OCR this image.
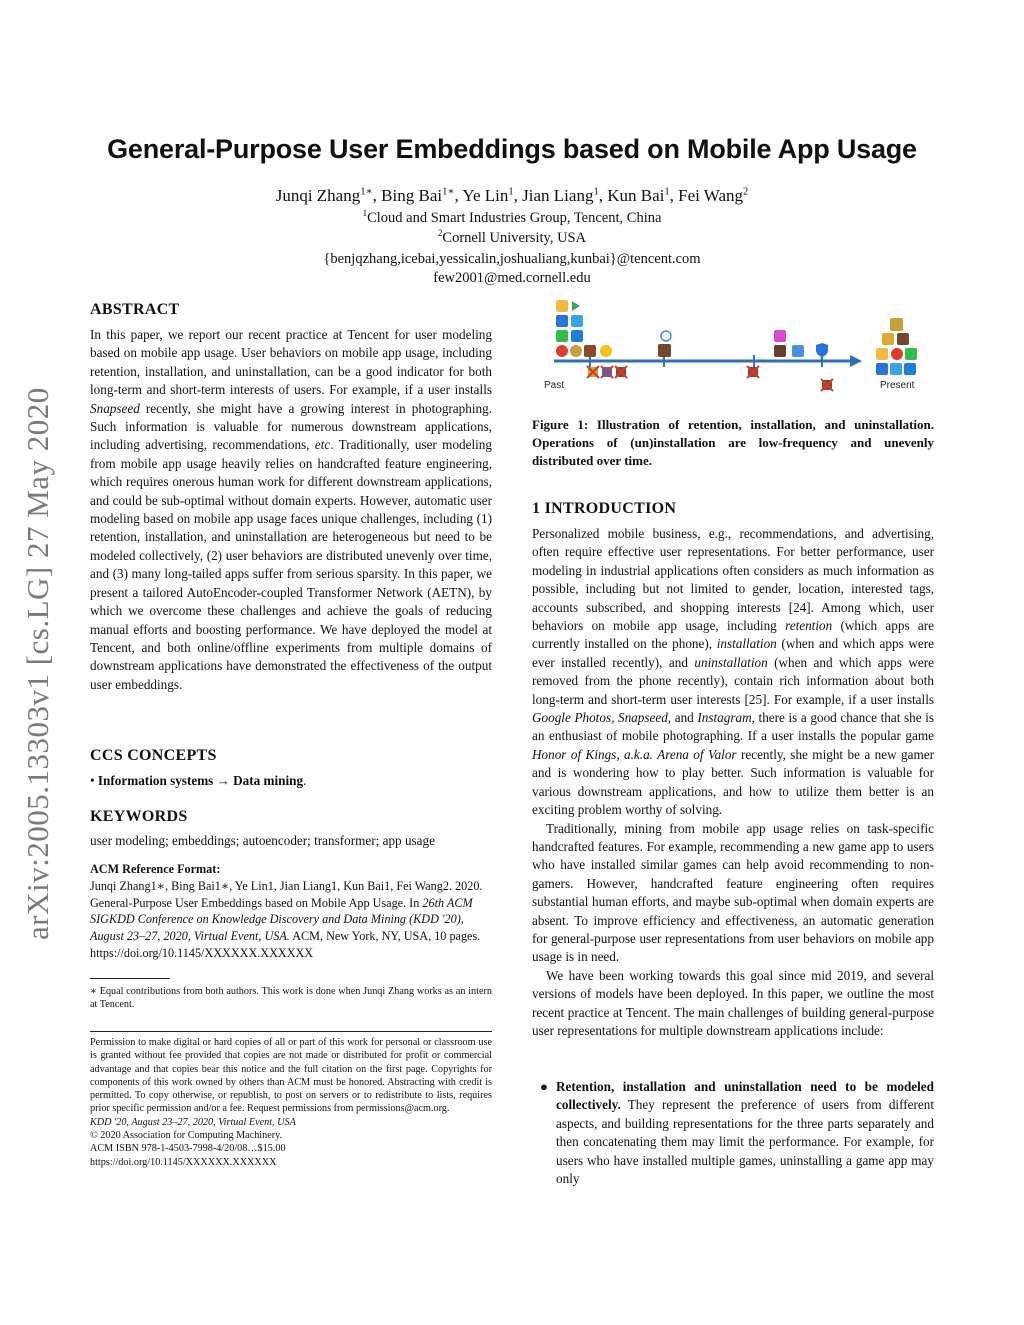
arXiv:2005.13303v1 [cs.LG] 27 May 2020
General-Purpose User Embeddings based on Mobile App Usage
Junqi Zhang$^{1∗}$, Bing Bai$^{1∗}$, Ye Lin$^1$, Jian Liang$^1$, Kun Bai$^1$, Fei Wang$^2$
$^1$Cloud and Smart Industries Group, Tencent, China
$^2$Cornell University, USA
{benjqzhang,icebai,yessicalin,joshualiang,kunbai}@tencent.com
few2001@med.cornell.edu
ABSTRACT

In this paper, we report our recent practice at Tencent for user modeling based on mobile app usage. User behaviors on mobile app usage, including retention, installation, and uninstallation, can be a good indicator for both long-term and short-term interests of users. For example, if a user installs Snapseed recently, she might have a growing interest in photographing. Such information is valuable for numerous downstream applications, including advertising, recommendations, etc. Traditionally, user modeling from mobile app usage heavily relies on handcrafted feature engineering, which requires onerous human work for different downstream applications, and could be sub-optimal without domain experts. However, automatic user modeling based on mobile app usage faces unique challenges, including (1) retention, installation, and uninstallation are heterogeneous but need to be modeled collectively, (2) user behaviors are distributed unevenly over time, and (3) many long-tailed apps suffer from serious sparsity. In this paper, we present a tailored AutoEncoder-coupled Transformer Network (AETN), by which we overcome these challenges and achieve the goals of reducing manual efforts and boosting performance. We have deployed the model at Tencent, and both online/offline experiments from multiple domains of downstream applications have demonstrated the effectiveness of the output user embeddings.

CCS CONCEPTS
• Information systems → Data mining.
KEYWORDS
user modeling; embeddings; autoencoder; transformer; app usage
ACM Reference Format:
Junqi Zhang1∗, Bing Bai1∗, Ye Lin1, Jian Liang1, Kun Bai1, Fei Wang2. 2020. General-Purpose User Embeddings based on Mobile App Usage. In 26th ACM SIGKDD Conference on Knowledge Discovery and Data Mining (KDD '20), August 23–27, 2020, Virtual Event, USA. ACM, New York, NY, USA, 10 pages. https://doi.org/10.1145/XXXXXX.XXXXXX
∗ Equal contributions from both authors. This work is done when Junqi Zhang works as an intern at Tencent.
Permission to make digital or hard copies of all or part of this work for personal or classroom use is granted without fee provided that copies are not made or distributed for profit or commercial advantage and that copies bear this notice and the full citation on the first page. Copyrights for components of this work owned by others than ACM must be honored. Abstracting with credit is permitted. To copy otherwise, or republish, to post on servers or to redistribute to lists, requires prior specific permission and/or a fee. Request permissions from permissions@acm.org.
KDD '20, August 23–27, 2020, Virtual Event, USA
© 2020 Association for Computing Machinery.
ACM ISBN 978-1-4503-7998-4/20/08…$15.00
https://doi.org/10.1145/XXXXXX.XXXXXX
Past	Present
Figure 1: Illustration of retention, installation, and uninstallation. Operations of (un)installation are low-frequency and unevenly distributed over time.
1 INTRODUCTION

Personalized mobile business, e.g., recommendations, and advertising, often require effective user representations. For better performance, user modeling in industrial applications often considers as much information as possible, including but not limited to gender, location, interested tags, accounts subscribed, and shopping interests [24]. Among which, user behaviors on mobile app usage, including retention (which apps are currently installed on the phone), installation (when and which apps were ever installed recently), and uninstallation (when and which apps were removed from the phone recently), contain rich information about both long-term and short-term user interests [25]. For example, if a user installs Google Photos, Snapseed, and Instagram, there is a good chance that she is an enthusiast of mobile photographing. If a user installs the popular game Honor of Kings, a.k.a. Arena of Valor recently, she might be a new gamer and is wondering how to play better. Such information is valuable for various downstream applications, and how to utilize them better is an exciting problem worthy of solving.

Traditionally, mining from mobile app usage relies on task-specific handcrafted features. For example, recommending a new game app to users who have installed similar games can help avoid recommending to non-gamers. However, handcrafted feature engineering often requires substantial human efforts, and maybe sub-optimal when domain experts are absent. To improve efficiency and effectiveness, an automatic generation for general-purpose user representations from user behaviors on mobile app usage is in need.

We have been working towards this goal since mid 2019, and several versions of models have been deployed. In this paper, we outline the most recent practice at Tencent. The main challenges of building general-purpose user representations for multiple downstream applications include:

● Retention, installation and uninstallation need to be modeled collectively. They represent the preference of users from different aspects, and building representations for the three parts separately and then concatenating them may limit the performance. For example, for users who have installed multiple games, uninstalling a game app may only
